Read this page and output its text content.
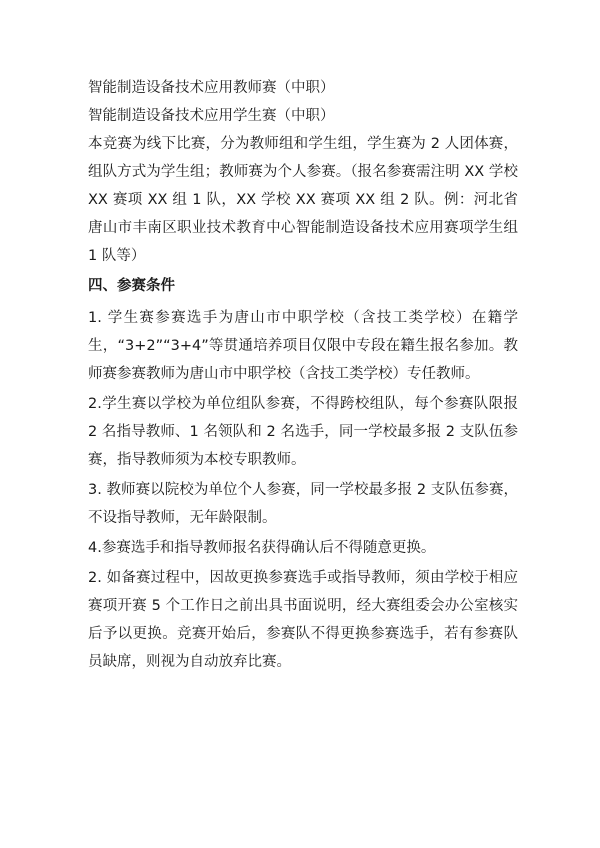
智能制造设备技术应用教师赛（中职）

智能制造设备技术应用学生赛（中职）

本竞赛为线下比赛，分为教师组和学生组，学生赛为 2 人团体赛，组队方式为学生组；教师赛为个人参赛。（报名参赛需注明 XX 学校 XX 赛项 XX 组 1 队，XX 学校 XX 赛项 XX 组 2 队。例：河北省唐山市丰南区职业技术教育中心智能制造设备技术应用赛项学生组 1 队等）

四、参赛条件

1. 学生赛参赛选手为唐山市中职学校（含技工类学校）在籍学生，“3+2”“3+4”等贯通培养项目仅限中专段在籍生报名参加。教师赛参赛教师为唐山市中职学校（含技工类学校）专任教师。

2.学生赛以学校为单位组队参赛，不得跨校组队，每个参赛队限报 2 名指导教师、1 名领队和 2 名选手，同一学校最多报 2 支队伍参赛，指导教师须为本校专职教师。

3. 教师赛以院校为单位个人参赛，同一学校最多报 2 支队伍参赛，不设指导教师，无年龄限制。

4.参赛选手和指导教师报名获得确认后不得随意更换。

2. 如备赛过程中，因故更换参赛选手或指导教师，须由学校于相应赛项开赛 5 个工作日之前出具书面说明，经大赛组委会办公室核实后予以更换。竞赛开始后，参赛队不得更换参赛选手，若有参赛队员缺席，则视为自动放弃比赛。
